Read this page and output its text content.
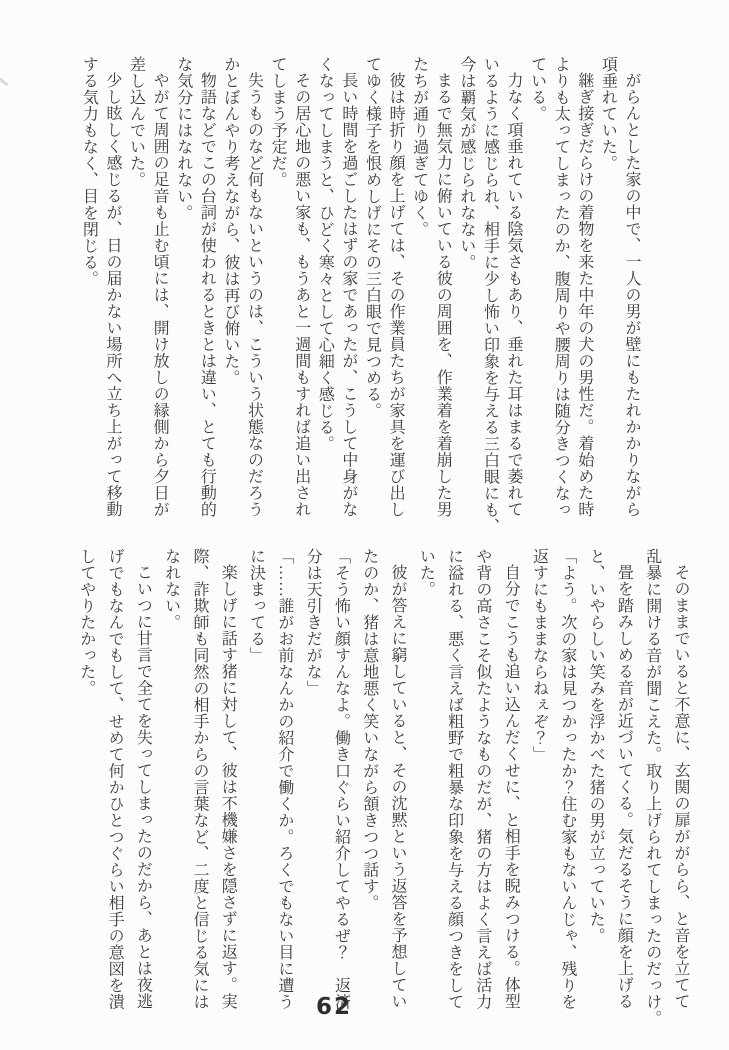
がらんとした家の中で、一人の男が壁にもたれかかりながら

項垂れていた。

継ぎ接ぎだらけの着物を来た中年の犬の男性だ。着始めた時

よりも太ってしまったのか、腹周りや腰周りは随分きつくなっ

ている。

力なく項垂れている陰気さもあり、垂れた耳はまるで萎れて

いるように感じられ、相手に少し怖い印象を与える三白眼にも、

今は覇気が感じられなない。

まるで無気力に俯いている彼の周囲を、作業着を着崩した男

たちが通り過ぎてゆく。

彼は時折り顔を上げては、その作業員たちが家具を運び出し

てゆく様子を恨めしげにその三白眼で見つめる。

長い時間を過ごしたはずの家であったが、こうして中身がな

くなってしまうと、ひどく寒々として心細く感じる。

その居心地の悪い家も、もうあと一週間もすれば追い出され

てしまう予定だ。

失うものなど何もないというのは、こういう状態なのだろう

かとぼんやり考えながら、彼は再び俯いた。

物語などでこの台詞が使われるときとは違い、とても行動的

な気分にはなれない。

やがて周囲の足音も止む頃には、開け放しの縁側から夕日が

差し込んでいた。

少し眩しく感じるが、日の届かない場所へ立ち上がって移動

する気力もなく、目を閉じる。

そのままでいると不意に、玄関の扉ががらら、と音を立てて

乱暴に開ける音が聞こえた。取り上げられてしまったのだっけ。

畳を踏みしめる音が近づいてくる。気だるそうに顔を上げる

と、いやらしい笑みを浮かべた猪の男が立っていた。

「よう。次の家は見つかったか？住む家もないんじゃ、残りを

返すにもままならねぇぞ？」

自分でこうも追い込んだくせに、と相手を睨みつける。体型

や背の高さこそ似たようなものだが、猪の方はよく言えば活力

に溢れる、悪く言えば粗野で粗暴な印象を与える顔つきをして

いた。

彼が答えに窮していると、その沈黙という返答を予想してい

たのか、猪は意地悪く笑いながら頷きつつ話す。

「そう怖い顔すんなよ。働き口ぐらい紹介してやるぜ？　返済

分は天引きだがな」

「……誰がお前なんかの紹介で働くか。ろくでもない目に遭う

に決まってる」

楽しげに話す猪に対して、彼は不機嫌さを隠さずに返す。実

際、詐欺師も同然の相手からの言葉など、二度と信じる気には

なれない。

こいつに甘言で全てを失ってしまったのだから、あとは夜逃

げでもなんでもして、せめて何かひとつぐらい相手の意図を潰

してやりたかった。

62
